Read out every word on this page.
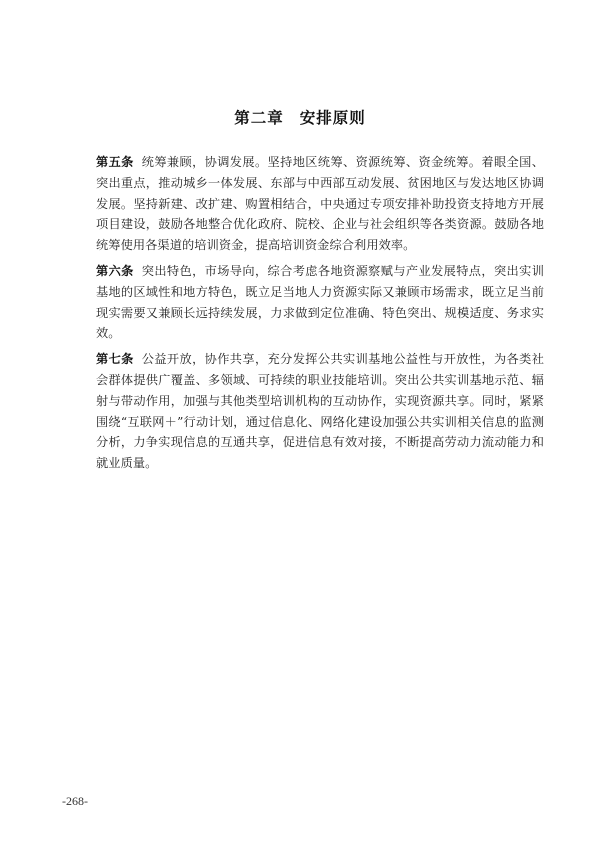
第二章 安排原则

第五条 统筹兼顾，协调发展。坚持地区统筹、资源统筹、资金统筹。着眼全国、突出重点，推动城乡一体发展、东部与中西部互动发展、贫困地区与发达地区协调发展。坚持新建、改扩建、购置相结合，中央通过专项安排补助投资支持地方开展项目建设，鼓励各地整合优化政府、院校、企业与社会组织等各类资源。鼓励各地统筹使用各渠道的培训资金，提高培训资金综合利用效率。

第六条 突出特色，市场导向，综合考虑各地资源察赋与产业发展特点，突出实训基地的区域性和地方特色，既立足当地人力资源实际又兼顾市场需求，既立足当前现实需要又兼顾长远持续发展，力求做到定位准确、特色突出、规模适度、务求实效。

第七条 公益开放，协作共享，充分发挥公共实训基地公益性与开放性，为各类社会群体提供广覆盖、多领域、可持续的职业技能培训。突出公共实训基地示范、辐射与带动作用，加强与其他类型培训机构的互动协作，实现资源共享。同时，紧紧围绕“互联网＋”行动计划，通过信息化、网络化建设加强公共实训相关信息的监测分析，力争实现信息的互通共享，促进信息有效对接，不断提高劳动力流动能力和就业质量。

-268-
